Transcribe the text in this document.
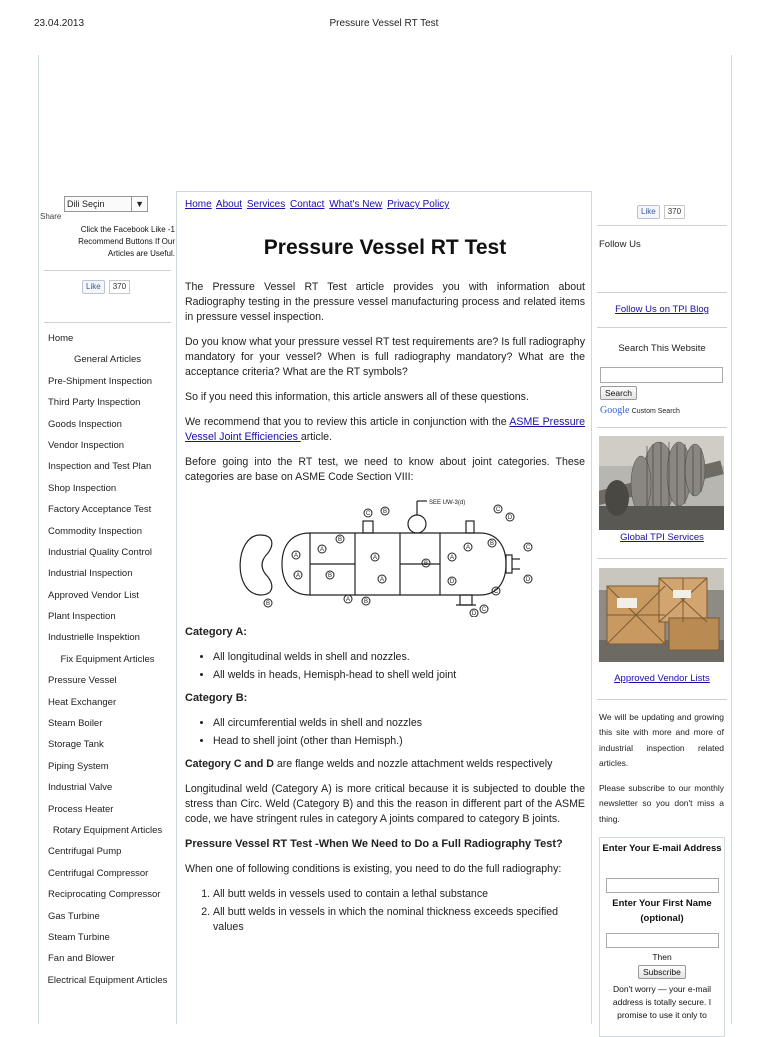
23.04.2013	Pressure Vessel RT Test
Dili Seçin	▼
Share
Click the Facebook Like -1 Recommend Buttons If Our Articles are Useful.
Like	370
Home
General Articles
Pre-Shipment Inspection
Third Party Inspection
Goods Inspection
Vendor Inspection
Inspection and Test Plan
Shop Inspection
Factory Acceptance Test
Commodity Inspection
Industrial Quality Control
Industrial Inspection
Approved Vendor List
Plant Inspection
Industrielle Inspektion
Fix Equipment Articles
Pressure Vessel
Heat Exchanger
Steam Boiler
Storage Tank
Piping System
Industrial Valve
Process Heater
Rotary Equipment Articles
Centrifugal Pump
Centrifugal Compressor
Reciprocating Compressor
Gas Turbine
Steam Turbine
Fan and Blower
Electrical Equipment Articles
Home About Services Contact What's New Privacy Policy
Pressure Vessel RT Test

The Pressure Vessel RT Test article provides you with information about Radiography testing in the pressure vessel manufacturing process and related items in pressure vessel inspection.

Do you know what your pressure vessel RT test requirements are? Is full radiography mandatory for your vessel? When is full radiography mandatory? What are the acceptance criteria? What are the RT symbols?

So if you need this information, this article answers all of these questions.

We recommend that you to review this article in conjunction with the ASME Pressure Vessel Joint Efficiencies article.

Before going into the RT test, we need to know about joint categories. These categories are base on ASME Code Section VIII:

SEE UW-3(d)
B
A
A
A
B
B
C B
A
A
A B
B
A
D
A
C
D
B
C
D
C
C
D
Category A:
• All longitudinal welds in shell and nozzles.
• All welds in heads, Hemisph-head to shell weld joint
Category B:
• All circumferential welds in shell and nozzles
• Head to shell joint (other than Hemisph.)

Category C and D are flange welds and nozzle attachment welds respectively

Longitudinal weld (Category A) is more critical because it is subjected to double the stress than Circ. Weld (Category B) and this the reason in different part of the ASME code, we have stringent rules in category A joints compared to category B joints.

Pressure Vessel RT Test -When We Need to Do a Full Radiography Test?

When one of following conditions is existing, you need to do the full radiography:

1. All butt welds in vessels used to contain a lethal substance
2. All butt welds in vessels in which the nominal thickness exceeds specified values
Like	370
Follow Us
Follow Us on TPI Blog
Search This Website
Search
Google Custom Search
Global TPI Services
Approved Vendor Lists
We will be updating and growing this site with more and more of industrial inspection related articles.
Please subscribe to our monthly newsletter so you don't miss a thing.
Enter Your E-mail Address
Enter Your First Name (optional)
Then
Subscribe
Don't worry — your e-mail address is totally secure. I promise to use it only to
